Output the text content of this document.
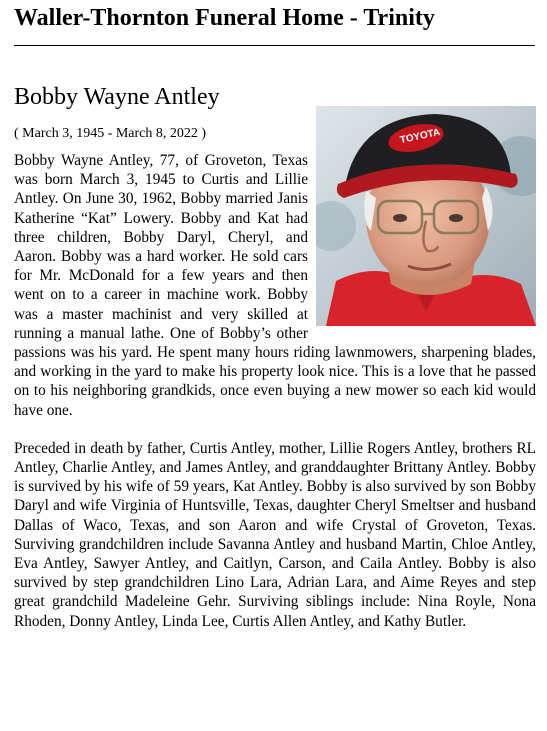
Waller-Thornton Funeral Home - Trinity
Bobby Wayne Antley
( March 3, 1945 - March 8, 2022 )	TOYOTA

Bobby Wayne Antley, 77, of Groveton, Texas was born March 3, 1945 to Curtis and Lillie Antley. On June 30, 1962, Bobby married Janis Katherine “Kat” Lowery. Bobby and Kat had three children, Bobby Daryl, Cheryl, and Aaron. Bobby was a hard worker. He sold cars for Mr. McDonald for a few years and then went on to a career in machine work. Bobby was a master machinist and very skilled at running a manual lathe. One of Bobby’s other passions was his yard. He spent many hours riding lawnmowers, sharpening blades, and working in the yard to make his property look nice. This is a love that he passed on to his neighboring grandkids, once even buying a new mower so each kid would have one.

Preceded in death by father, Curtis Antley, mother, Lillie Rogers Antley, brothers RL Antley, Charlie Antley, and James Antley, and granddaughter Brittany Antley. Bobby is survived by his wife of 59 years, Kat Antley. Bobby is also survived by son Bobby Daryl and wife Virginia of Huntsville, Texas, daughter Cheryl Smeltser and husband Dallas of Waco, Texas, and son Aaron and wife Crystal of Groveton, Texas. Surviving grandchildren include Savanna Antley and husband Martin, Chloe Antley, Eva Antley, Sawyer Antley, and Caitlyn, Carson, and Caila Antley. Bobby is also survived by step grandchildren Lino Lara, Adrian Lara, and Aime Reyes and step great grandchild Madeleine Gehr. Surviving siblings include: Nina Royle, Nona Rhoden, Donny Antley, Linda Lee, Curtis Allen Antley, and Kathy Butler.
